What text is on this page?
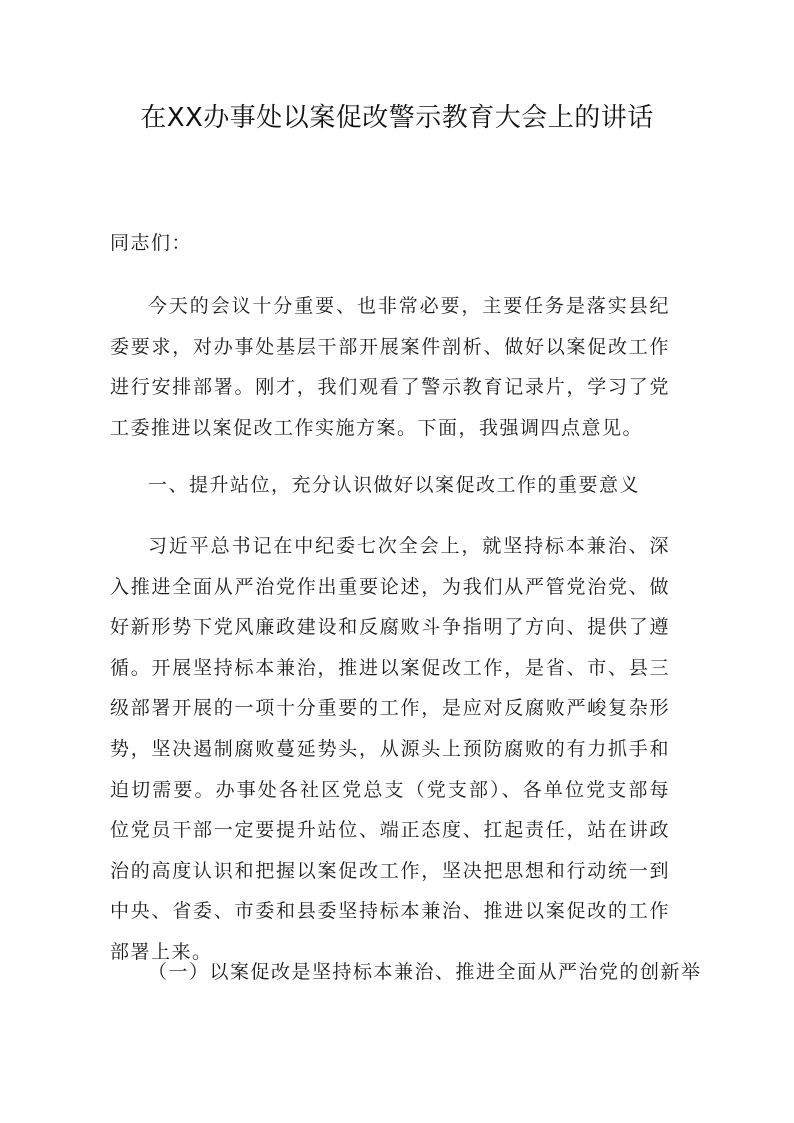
在XX办事处以案促改警示教育大会上的讲话

同志们：

今天的会议十分重要、也非常必要，主要任务是落实县纪委要求，对办事处基层干部开展案件剖析、做好以案促改工作进行安排部署。刚才，我们观看了警示教育记录片，学习了党工委推进以案促改工作实施方案。下面，我强调四点意见。

一、提升站位，充分认识做好以案促改工作的重要意义

习近平总书记在中纪委七次全会上，就坚持标本兼治、深入推进全面从严治党作出重要论述，为我们从严管党治党、做好新形势下党风廉政建设和反腐败斗争指明了方向、提供了遵循。开展坚持标本兼治，推进以案促改工作，是省、市、县三级部署开展的一项十分重要的工作，是应对反腐败严峻复杂形势，坚决遏制腐败蔓延势头，从源头上预防腐败的有力抓手和迫切需要。办事处各社区党总支（党支部）、各单位党支部每位党员干部一定要提升站位、端正态度、扛起责任，站在讲政治的高度认识和把握以案促改工作，坚决把思想和行动统一到中央、省委、市委和县委坚持标本兼治、推进以案促改的工作部署上来。

（一）以案促改是坚持标本兼治、推进全面从严治党的创新举
